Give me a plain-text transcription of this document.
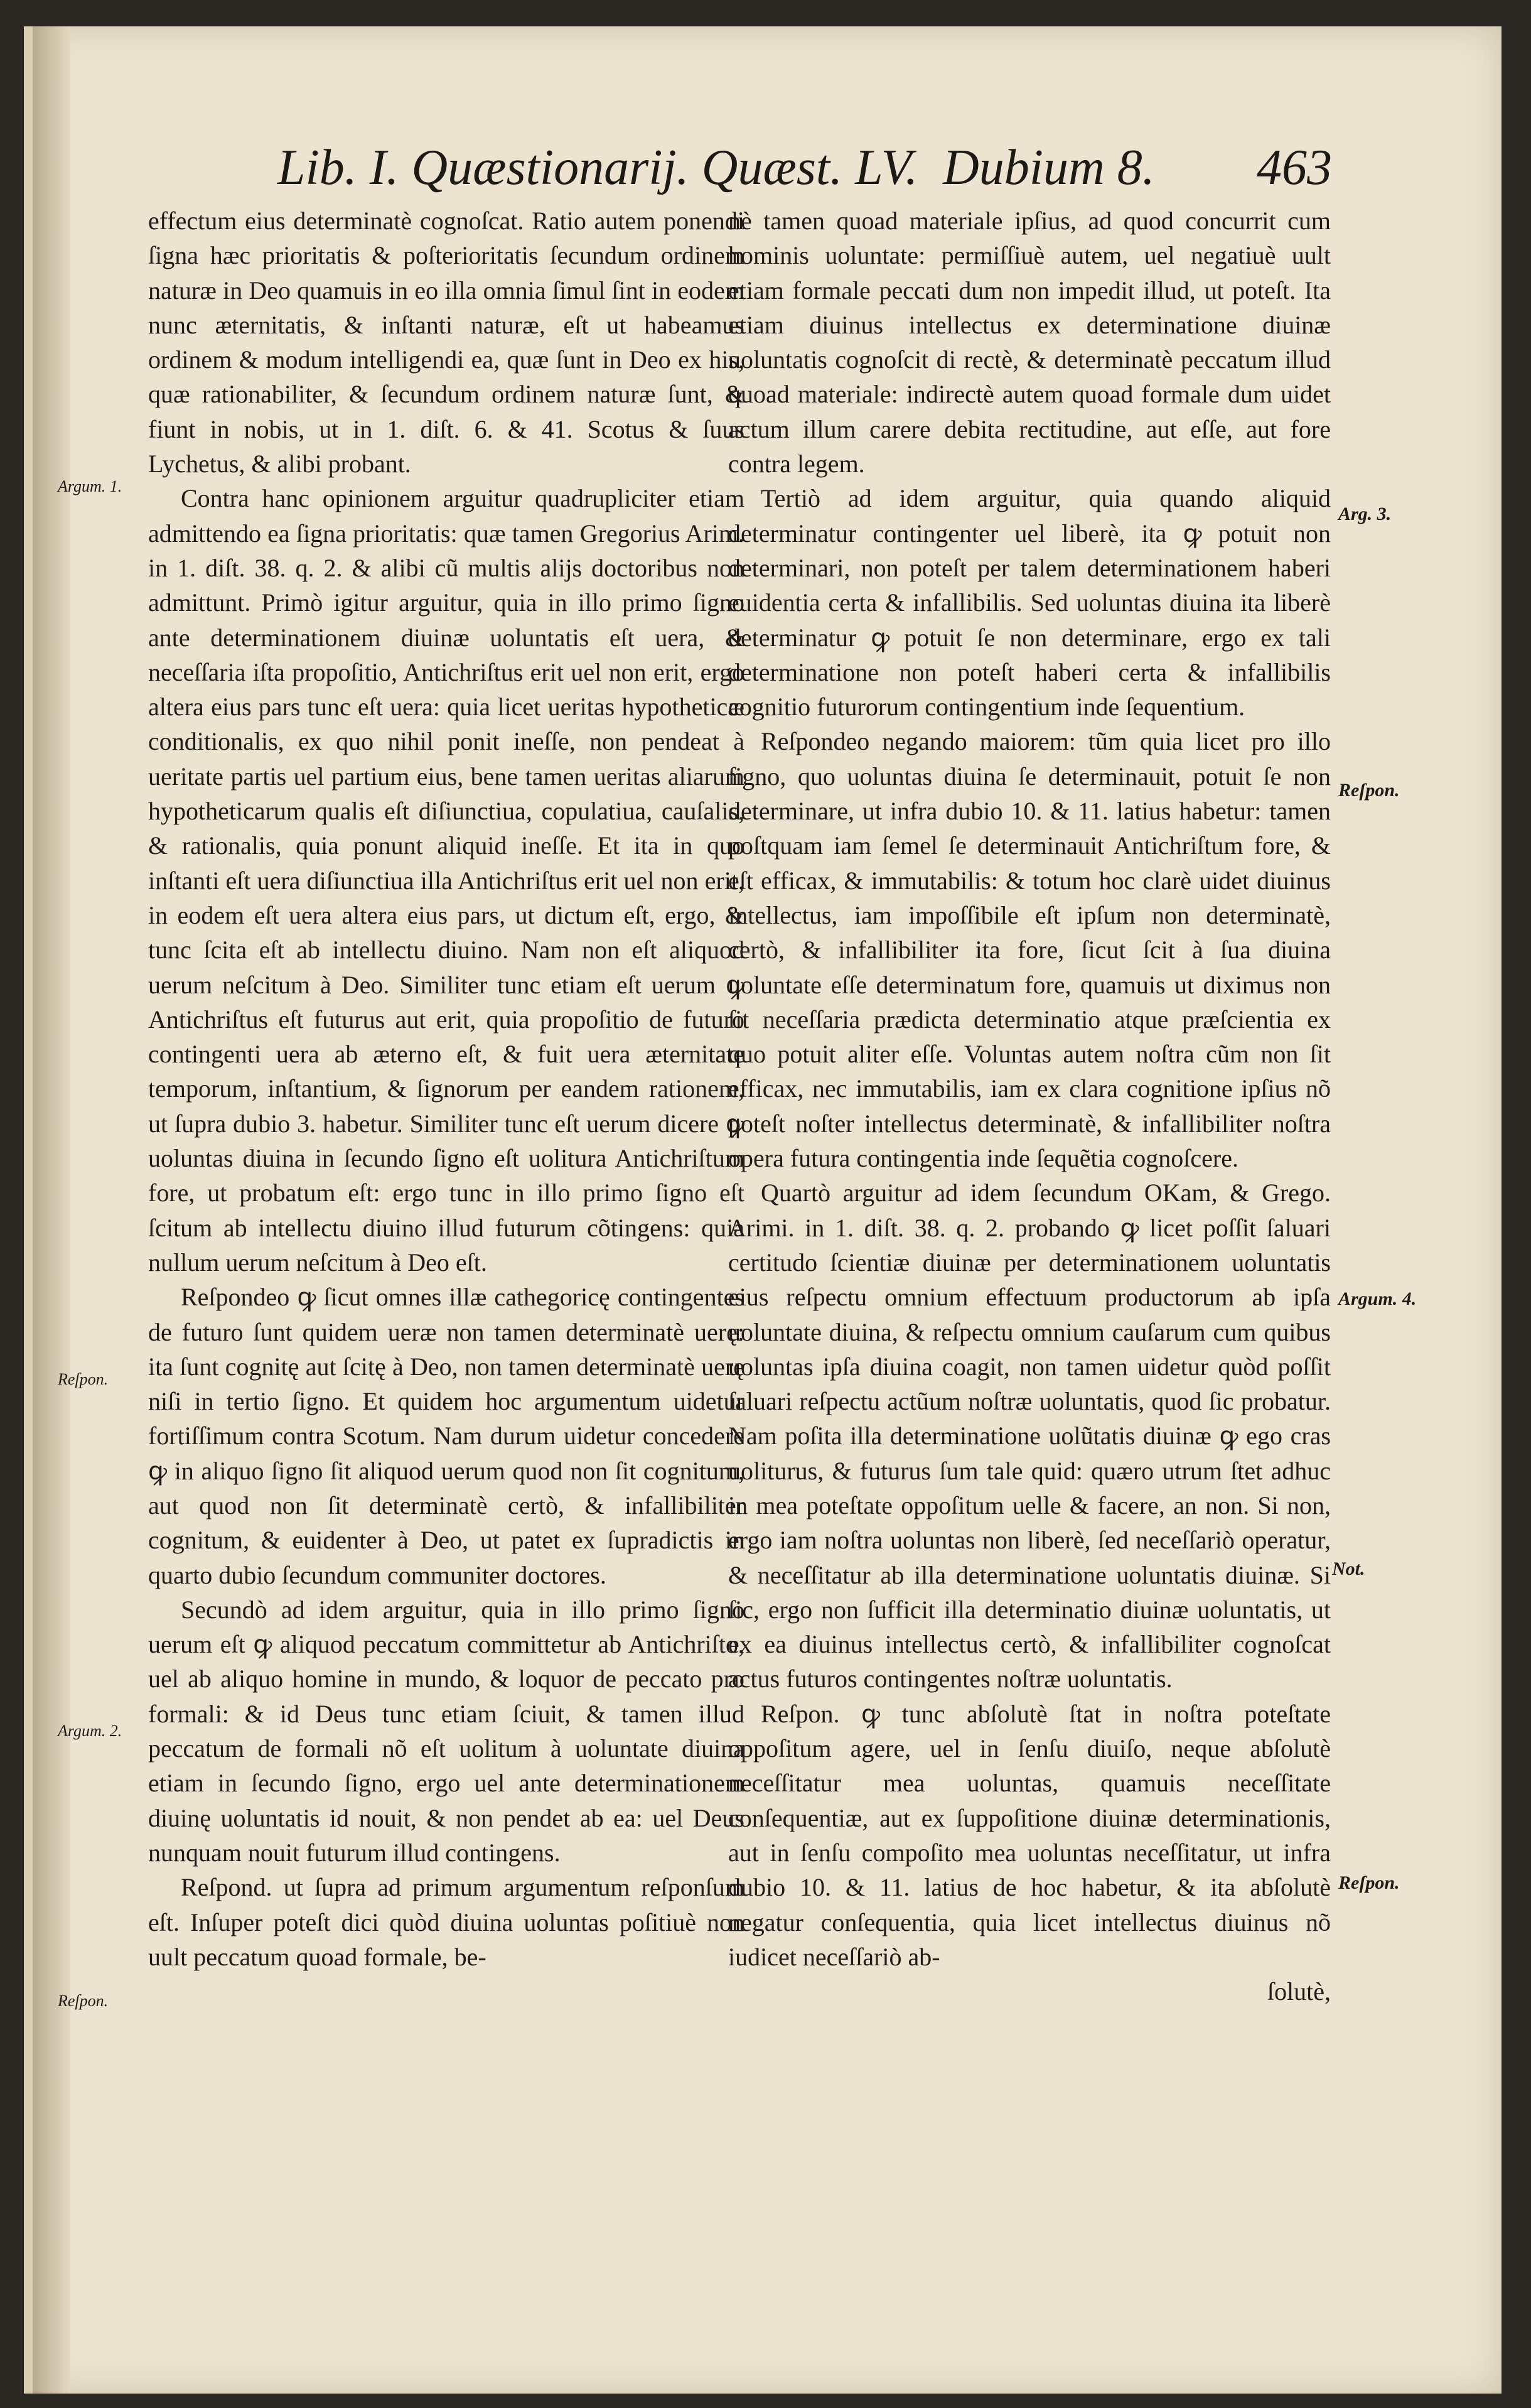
Lib. I. Quæstionarij. Quæst. LV. Dubium 8. 463

effectum eius determinatè cognoſcat. Ratio autem ponendi ſigna hæc prioritatis & poſterioritatis ſecundum ordinem naturæ in Deo quamuis in eo illa omnia ſimul ſint in eodem nunc æternitatis, & inſtanti naturæ, eſt ut habeamus ordinem & modum intelligendi ea, quæ ſunt in Deo ex his, quæ rationabiliter, & ſecundum ordinem naturæ ſunt, & fiunt in nobis, ut in 1. diſt. 6. & 41. Scotus & ſuus Lychetus, & alibi probant.

Contra hanc opinionem arguitur quadrupliciter etiam admittendo ea ſigna prioritatis: quæ tamen Gregorius Arim. in 1. diſt. 38. q. 2. & alibi cũ multis alijs doctoribus non admittunt. Primò igitur arguitur, quia in illo primo ſigno ante determinationem diuinæ uoluntatis eſt uera, & neceſſaria iſta propoſitio, Antichriſtus erit uel non erit, ergo altera eius pars tunc eſt uera: quia licet ueritas hypotheticæ conditionalis, ex quo nihil ponit ineſſe, non pendeat à ueritate partis uel partium eius, bene tamen ueritas aliarum hypotheticarum qualis eſt diſiunctiua, copulatiua, cauſalis, & rationalis, quia ponunt aliquid ineſſe. Et ita in quo inſtanti eſt uera diſiunctiua illa Antichriſtus erit uel non erit, in eodem eſt uera altera eius pars, ut dictum eſt, ergo, & tunc ſcita eſt ab intellectu diuino. Nam non eſt aliquod uerum neſcitum à Deo. Similiter tunc etiam eſt uerum ꝙ Antichriſtus eſt futurus aut erit, quia propoſitio de futuro contingenti uera ab æterno eſt, & fuit uera æternitate temporum, inſtantium, & ſignorum per eandem rationem, ut ſupra dubio 3. habetur. Similiter tunc eſt uerum dicere ꝙ uoluntas diuina in ſecundo ſigno eſt uolitura Antichriſtum fore, ut probatum eſt: ergo tunc in illo primo ſigno eſt ſcitum ab intellectu diuino illud futurum cõtingens: quia nullum uerum neſcitum à Deo eſt.

Reſpondeo ꝙ ſicut omnes illæ cathegoricę contingentes de futuro ſunt quidem ueræ non tamen determinatè uerę: ita ſunt cognitę aut ſcitę à Deo, non tamen determinatè uerę niſi in tertio ſigno. Et quidem hoc argumentum uidetur fortiſſimum contra Scotum. Nam durum uidetur concedere ꝙ in aliquo ſigno ſit aliquod uerum quod non ſit cognitum, aut quod non ſit determinatè certò, & infallibiliter cognitum, & euidenter à Deo, ut patet ex ſupradictis in quarto dubio ſecundum communiter doctores.

Secundò ad idem arguitur, quia in illo primo ſigno uerum eſt ꝙ aliquod peccatum committetur ab Antichriſto, uel ab aliquo homine in mundo, & loquor de peccato pro formali: & id Deus tunc etiam ſciuit, & tamen illud peccatum de formali nõ eſt uolitum à uoluntate diuina etiam in ſecundo ſigno, ergo uel ante determinationem diuinę uoluntatis id nouit, & non pendet ab ea: uel Deus nunquam nouit futurum illud contingens.

Reſpond. ut ſupra ad primum argumentum reſponſum eſt. Inſuper poteſt dici quòd diuina uoluntas poſitiuè non uult peccatum quoad formale, be-

nè tamen quoad materiale ipſius, ad quod concurrit cum hominis uoluntate: permiſſiuè autem, uel negatiuè uult etiam formale peccati dum non impedit illud, ut poteſt. Ita etiam diuinus intellectus ex determinatione diuinæ uoluntatis cognoſcit di rectè, & determinatè peccatum illud quoad materiale: indirectè autem quoad formale dum uidet actum illum carere debita rectitudine, aut eſſe, aut fore contra legem.

Tertiò ad idem arguitur, quia quando aliquid determinatur contingenter uel liberè, ita ꝙ potuit non determinari, non poteſt per talem determinationem haberi euidentia certa & infallibilis. Sed uoluntas diuina ita liberè determinatur ꝙ potuit ſe non determinare, ergo ex tali determinatione non poteſt haberi certa & infallibilis cognitio futurorum contingentium inde ſequentium.

Reſpondeo negando maiorem: tũm quia licet pro illo ſigno, quo uoluntas diuina ſe determinauit, potuit ſe non determinare, ut infra dubio 10. & 11. latius habetur: tamen poſtquam iam ſemel ſe determinauit Antichriſtum fore, & eſt efficax, & immutabilis: & totum hoc clarè uidet diuinus intellectus, iam impoſſibile eſt ipſum non determinatè, certò, & infallibiliter ita fore, ſicut ſcit à ſua diuina uoluntate eſſe determinatum fore, quamuis ut diximus non ſit neceſſaria prædicta determinatio atque præſcientia ex quo potuit aliter eſſe. Voluntas autem noſtra cũm non ſit efficax, nec immutabilis, iam ex clara cognitione ipſius nõ poteſt noſter intellectus determinatè, & infallibiliter noſtra opera futura contingentia inde ſequẽtia cognoſcere.

Quartò arguitur ad idem ſecundum OKam, & Grego. Arimi. in 1. diſt. 38. q. 2. probando ꝙ licet poſſit ſaluari certitudo ſcientiæ diuinæ per determinationem uoluntatis eius reſpectu omnium effectuum productorum ab ipſa uoluntate diuina, & reſpectu omnium cauſarum cum quibus uoluntas ipſa diuina coagit, non tamen uidetur quòd poſſit ſaluari reſpectu actũum noſtræ uoluntatis, quod ſic probatur. Nam poſita illa determinatione uolũtatis diuinæ ꝙ ego cras uoliturus, & futurus ſum tale quid: quæro utrum ſtet adhuc in mea poteſtate oppoſitum uelle & facere, an non. Si non, ergo iam noſtra uoluntas non liberè, ſed neceſſariò operatur, & neceſſitatur ab illa determinatione uoluntatis diuinæ. Si ſic, ergo non ſufficit illa determinatio diuinæ uoluntatis, ut ex ea diuinus intellectus certò, & infallibiliter cognoſcat actus futuros contingentes noſtræ uoluntatis.

Reſpon. ꝙ tunc abſolutè ſtat in noſtra poteſtate oppoſitum agere, uel in ſenſu diuiſo, neque abſolutè neceſſitatur mea uoluntas, quamuis neceſſitate conſequentiæ, aut ex ſuppoſitione diuinæ determinationis, aut in ſenſu compoſito mea uoluntas neceſſitatur, ut infra dubio 10. & 11. latius de hoc habetur, & ita abſolutè negatur conſequentia, quia licet intellectus diuinus nõ iudicet neceſſariò ab-

ſolutè,

Argum. 1.
Reſpon.
Argum. 2.
Reſpon.
Arg. 3.
Reſpon.
Argum. 4.
Not.
Reſpon.
